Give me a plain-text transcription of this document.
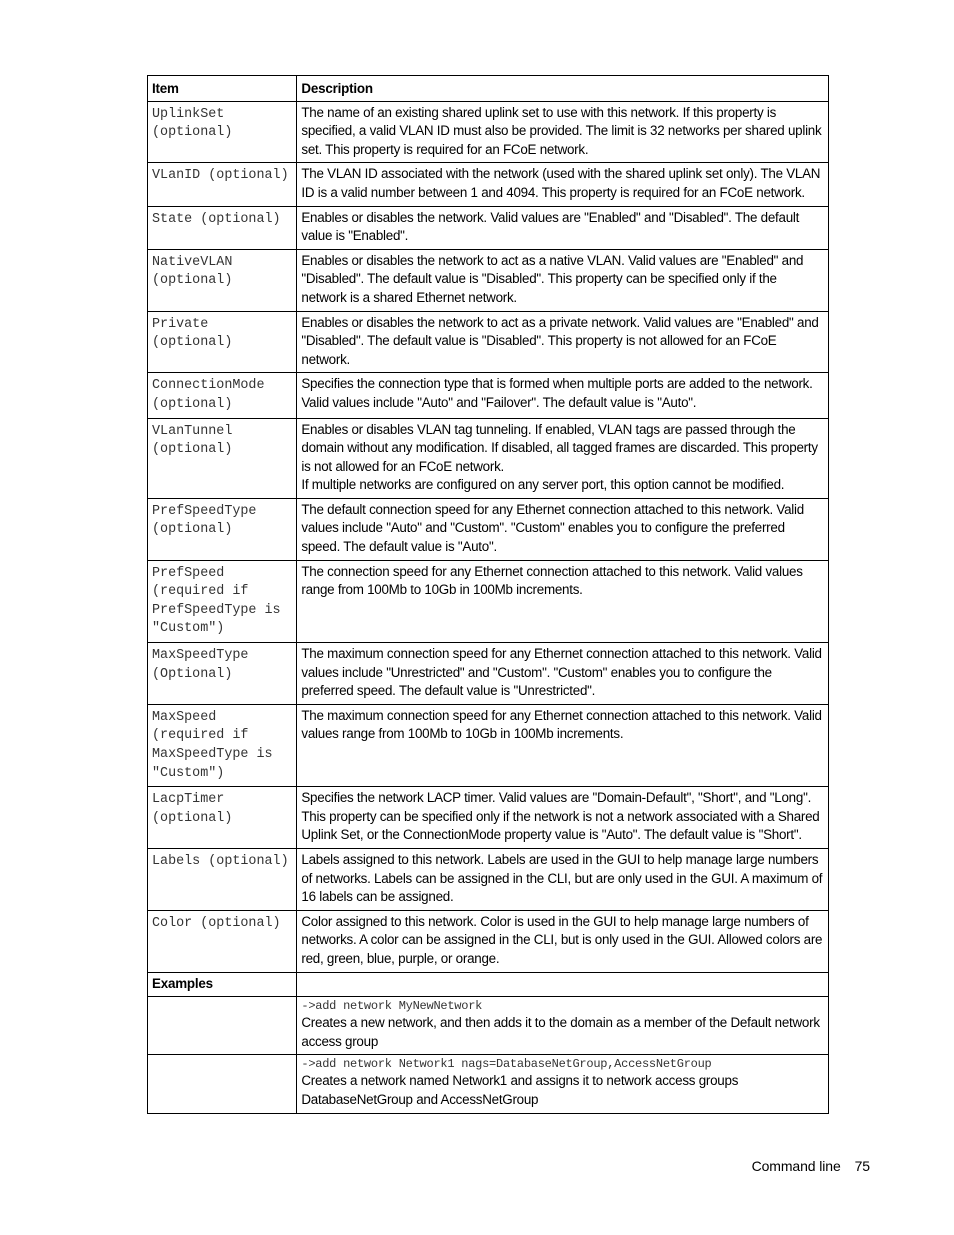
Item	Description

UplinkSet
(optional)	The name of an existing shared uplink set to use with this network. If this property is specified, a valid VLAN ID must also be provided. The limit is 32 networks per shared uplink set. This property is required for an FCoE network.

VLanID (optional)	The VLAN ID associated with the network (used with the shared uplink set only). The VLAN ID is a valid number between 1 and 4094. This property is required for an FCoE network.

State (optional)	Enables or disables the network. Valid values are "Enabled" and "Disabled". The default value is "Enabled".

NativeVLAN
(optional)	Enables or disables the network to act as a native VLAN. Valid values are "Enabled" and "Disabled". The default value is "Disabled". This property can be specified only if the network is a shared Ethernet network.

Private
(optional)	Enables or disables the network to act as a private network. Valid values are "Enabled" and "Disabled". The default value is "Disabled". This property is not allowed for an FCoE network.

ConnectionMode
(optional)	Specifies the connection type that is formed when multiple ports are added to the network. Valid values include "Auto" and "Failover". The default value is "Auto".

VLanTunnel
(optional)	Enables or disables VLAN tag tunneling. If enabled, VLAN tags are passed through the domain without any modification. If disabled, all tagged frames are discarded. This property is not allowed for an FCoE network.
If multiple networks are configured on any server port, this option cannot be modified.

PrefSpeedType
(optional)	The default connection speed for any Ethernet connection attached to this network. Valid values include "Auto" and "Custom". "Custom" enables you to configure the preferred speed. The default value is "Auto".

PrefSpeed
(required if
PrefSpeedType is
"Custom")	The connection speed for any Ethernet connection attached to this network. Valid values range from 100Mb to 10Gb in 100Mb increments.

MaxSpeedType
(Optional)	The maximum connection speed for any Ethernet connection attached to this network. Valid values include "Unrestricted" and "Custom". "Custom" enables you to configure the preferred speed. The default value is "Unrestricted".

MaxSpeed
(required if
MaxSpeedType is
"Custom")	The maximum connection speed for any Ethernet connection attached to this network. Valid values range from 100Mb to 10Gb in 100Mb increments.

LacpTimer
(optional)	Specifies the network LACP timer. Valid values are "Domain-Default", "Short", and "Long". This property can be specified only if the network is not a network associated with a Shared Uplink Set, or the ConnectionMode property value is "Auto". The default value is "Short".

Labels (optional)	Labels assigned to this network. Labels are used in the GUI to help manage large numbers of networks. Labels can be assigned in the CLI, but are only used in the GUI. A maximum of 16 labels can be assigned.

Color (optional)	Color assigned to this network. Color is used in the GUI to help manage large numbers of networks. A color can be assigned in the CLI, but is only used in the GUI. Allowed colors are red, green, blue, purple, or orange.

Examples	

	->add network MyNewNetwork
Creates a new network, and then adds it to the domain as a member of the Default network access group

	->add network Network1 nags=DatabaseNetGroup,AccessNetGroup
Creates a network named Network1 and assigns it to network access groups DatabaseNetGroup and AccessNetGroup
Command line 75
